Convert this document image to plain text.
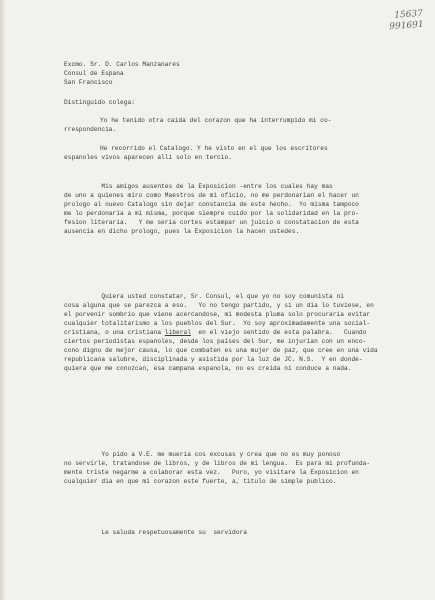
15637
991691
Excmo. Sr. D. Carlos Manzanares
Consul de Espana
San Francisco
Distinguido colega:
Yo he tenido otra caida del corazon que ha interrumpido mi co-
rrespondencia.
He recorrido el Catalogo. Y he visto en el que los escritores
espanoles vivos aparecen alli solo en tercio.
Mis amigos ausentes de la Exposicion -entre los cuales hay mas
de uno a quienes miro como Maestros de mi oficio, no me perdonarian el hacer un
prologo al nuevo Catalogo sin dejar constancia de este hecho.  Yo misma tampoco
me lo perdonaria a mi misma, porque siempre cuido por la solidaridad en la pro-
fesion literaria.   Y me seria cortes estampar un juicio o constatacion de esta
ausencia en dicho prologo, pues la Exposicion la hacen ustedes.
Quiera usted constatar, Sr. Consul, el que yo no soy comunista ni
cosa alguna que se parezca a eso.   Yo no tengo partido, y si un dia lo tuviese, en
el porvenir sombrio que viene acercandose, mi modesta pluma solo procuraria evitar
cualquier totalitarismo a los pueblos del Sur.  Yo soy aproximadamente una social-
cristiana, o una cristiana liberal  en el viejo sentido de esta palabra.   Cuando
ciertos periodistas espanoles, desde los paises del Sur, me injurian con un enco-
cono digno de mejor causa, lo que combaten es una mujer de paz, que cree en una vida
republicana salubre, disciplinada y asistida por la luz de JC. N.S.  Y en donde-
quiera que me conozcan, esa campana espanola, no es creida ni conduce a nada.
Yo pido a V.E. me mueria cos excusas y crea que no es muy ponoso
no servirle, tratandose de libros, y de libros de mi lengua.  Es para mi profunda-
mente triste negarme a colaborar esta vez.   Poro, yo visitare la Exposicion en
cualquier dia en que mi corazon este fuerte, a, titulo de simple publico.
Le saluda respetuosamente su  servidora
